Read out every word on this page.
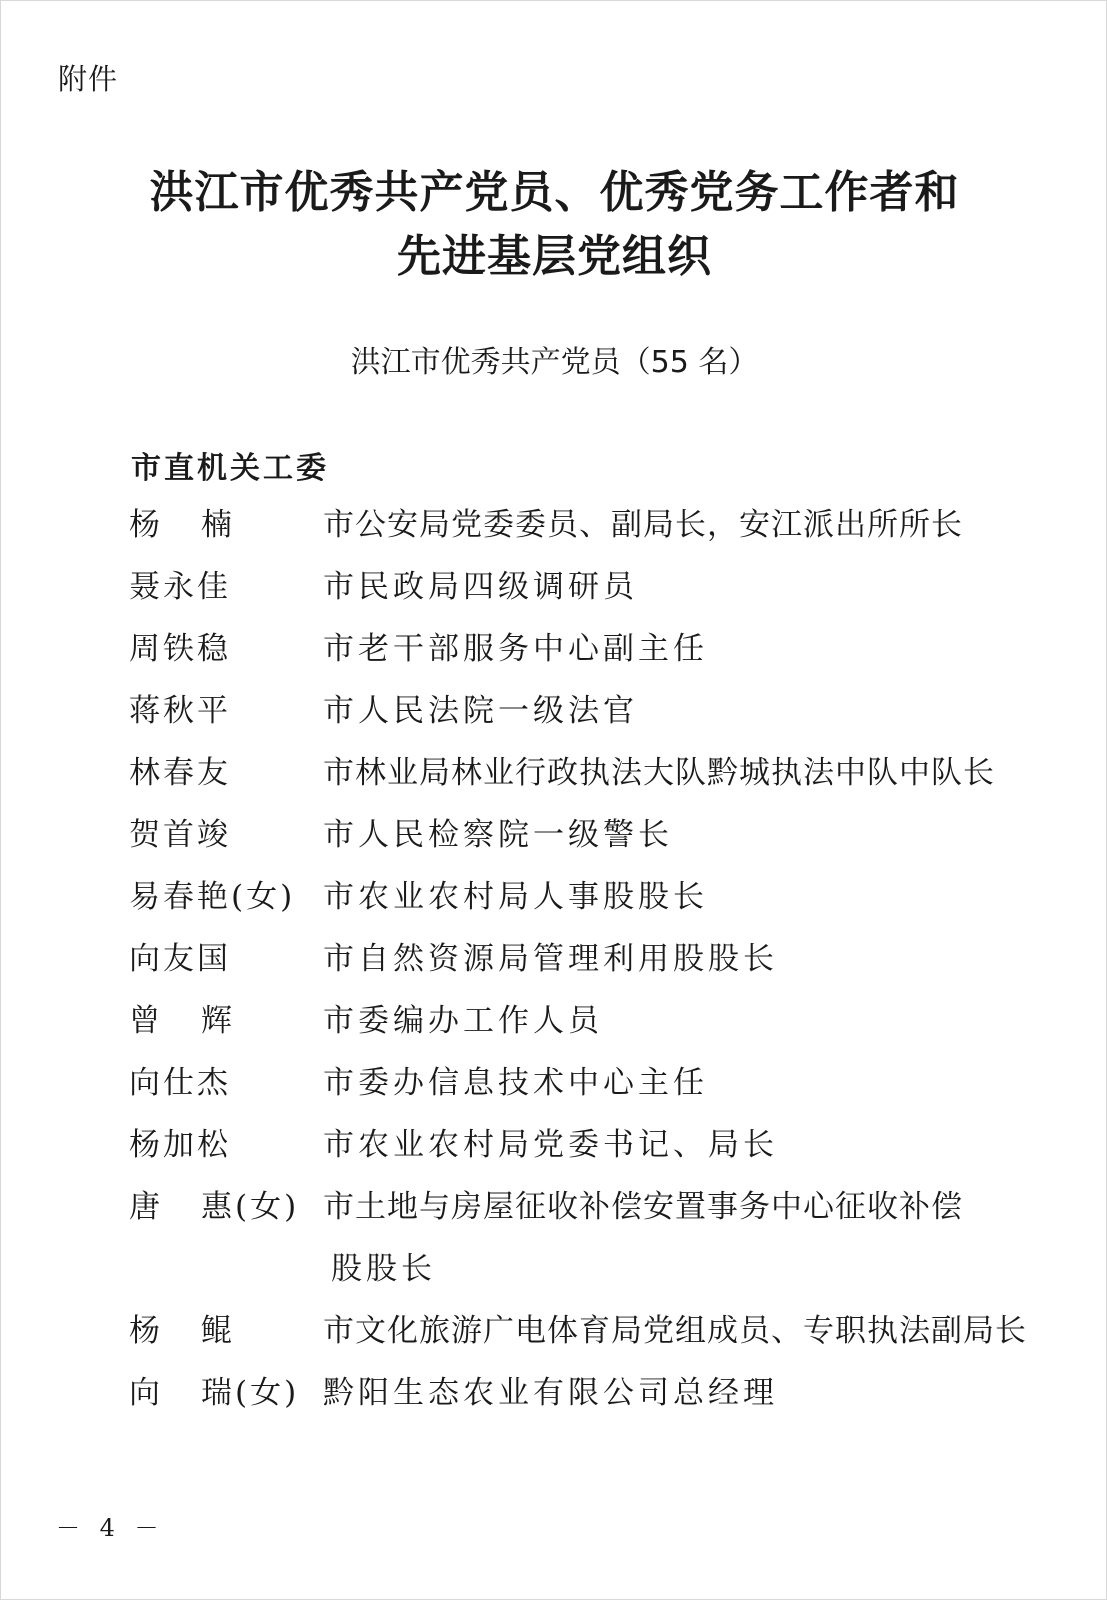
附件
洪江市优秀共产党员、优秀党务工作者和
先进基层党组织
洪江市优秀共产党员（55 名）
市直机关工委
杨 楠	市公安局党委委员、副局长，安江派出所所长
聂永佳	市民政局四级调研员
周铁稳	市老干部服务中心副主任
蒋秋平	市人民法院一级法官
林春友	市林业局林业行政执法大队黔城执法中队中队长
贺首竣	市人民检察院一级警长
易春艳(女) 市农业农村局人事股股长
向友国	市自然资源局管理利用股股长
曾 辉	市委编办工作人员
向仕杰	市委办信息技术中心主任
杨加松	市农业农村局党委书记、局长
唐 惠(女) 市土地与房屋征收补偿安置事务中心征收补偿
股股长
杨 鲲	市文化旅游广电体育局党组成员、专职执法副局长
向 瑞(女) 黔阳生态农业有限公司总经理
－ 4 －
